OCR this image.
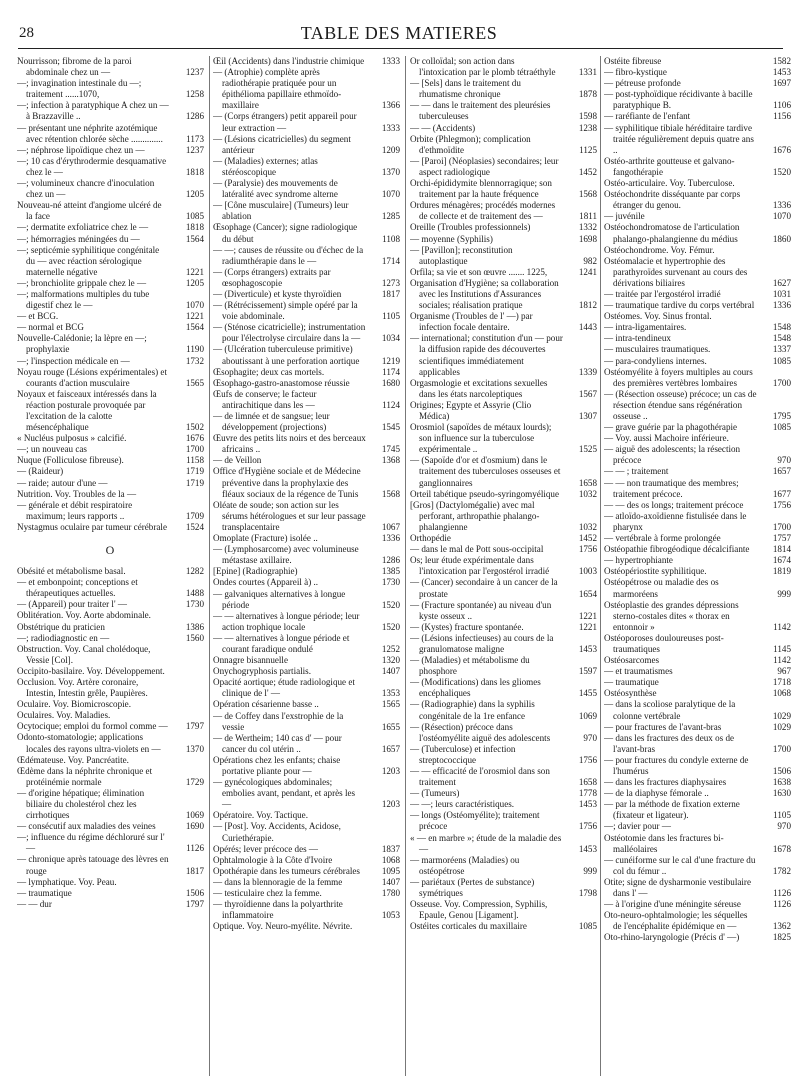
28	TABLE DES MATIERES

Nourrisson; fibrome de la paroi abdominale chez un —	1237

—; invagination intestinale du —; traitement ......1070,	1258

—; infection à paratyphique A chez un — à Brazzaville ..	1286

— présentant une néphrite azotémique avec rétention chlorée sèche ..............	1173

—; néphrose lipoïdique chez un —	1237

—; 10 cas d'érythrodermie desquamative chez le —	1818

—; volumineux chancre d'inoculation chez un —	1205

Nouveau-né atteint d'angiome ulcéré de la face	1085

—; dermatite exfoliatrice chez le —	1818

—; hémorragies méningées du —	1564

—; septicémie syphilitique congénitale du — avec réaction sérologique maternelle négative	1221

—; bronchiolite grippale chez le —	1205

—; malformations multiples du tube digestif chez le —	1070

— et BCG.	1221

— normal et BCG	1564

Nouvelle-Calédonie; la lèpre en —; prophylaxie	1190

—; l'inspection médicale en —	1732

Noyau rouge (Lésions expérimentales) et courants d'action musculaire	1565

Noyaux et faisceaux intéressés dans la réaction posturale provoquée par l'excitation de la calotte mésencéphalique	1502

« Nucléus pulposus » calcifié.	1676

—; un nouveau cas	1700

Nuque (Folliculose fibreuse).	1158

— (Raideur)	1719

— raide; autour d'une —	1719

Nutrition. Voy. Troubles de la —

— générale et débit respiratoire maximum; leurs rapports ..	1709

Nystagmus oculaire par tumeur cérébrale 1524

O

Obésité et métabolisme basal.	1282

— et embonpoint; conceptions et thérapeutiques actuelles.	1488

— (Appareil) pour traiter l' —	1730

Oblitération. Voy. Aorte abdominale.

Obstétrique du praticien	1386

—; radiodiagnostic en —	1560

Obstruction. Voy. Canal cholédoque, Vessie [Col].

Occipito-basilaire. Voy. Développement.

Occlusion. Voy. Artère coronaire, Intestin, Intestin grêle, Paupières.

Oculaire. Voy. Biomicroscopie.

Oculaires. Voy. Maladies.

Ocytocique; emploi du formol comme — 1797

Odonto-stomatologie; applications locales des rayons ultra-violets en —	1370

Œdémateuse. Voy. Pancréatite.

Œdème dans la néphrite chronique et protéinémie normale	1729

— d'origine hépatique; élimination biliaire du cholestérol chez les cirrhotiques	1069

— consécutif aux maladies des veines	1690

—; influence du régime déchloruré sur l' —	1126

— chronique après tatouage des lèvres en rouge	1817

— lymphatique. Voy. Peau.

— traumatique	1506

— — dur	1797

Œil (Accidents) dans l'industrie chimique 1333

— (Atrophie) complète après radiothérapie pratiquée pour un épithélioma papillaire ethmoïdo-maxillaire	1366

— (Corps étrangers) petit appareil pour leur extraction —	1333

— (Lésions cicatricielles) du segment antérieur	1209

— (Maladies) externes; atlas stéréoscopique	1370

— (Paralysie) des mouvements de latéralité avec syndrome alterne	1070

— [Cône musculaire] (Tumeurs) leur ablation	1285

Œsophage (Cancer); signe radiologique du début	1108

— —; causes de réussite ou d'échec de la radiumthérapie dans le —	1714

— (Corps étrangers) extraits par œsophagoscopie	1273

— (Diverticule) et kyste thyroïdien	1817

— (Rétrécissement) simple opéré par la voie abdominale.	1105

— (Sténose cicatricielle); instrumentation pour l'électrolyse circulaire dans la — 1034

— (Ulcération tuberculeuse primitive) aboutissant à une perforation aortique 1219

Œsophagite; deux cas mortels.	1174

Œsophago-gastro-anastomose réussie	1680

Œufs de conserve; le facteur antirachitique dans les —	1124

— de limnée et de sangsue; leur développement (projections)	1545

Œuvre des petits lits noirs et des berceaux africains ..	1745

— de Veillon	1368

Office d'Hygiène sociale et de Médecine préventive dans la prophylaxie des fléaux sociaux de la régence de Tunis	1568

Oléate de soude; son action sur les sérums hétérologues et sur leur passage transplacentaire	1067

Omoplate (Fracture) isolée ..	1336

— (Lymphosarcome) avec volumineuse métastase axillaire.	1286

[Epine] (Radiographie)	1385

Ondes courtes (Appareil à) ..	1730

— galvaniques alternatives à longue période	1520

— — alternatives à longue période; leur action trophique locale	1520

— — alternatives à longue période et courant faradique ondulé	1252

Onnagre bisannuelle	1320

Onychogryphosis partialis.	1407

Opacité aortique; étude radiologique et clinique de l' —	1353

Opération césarienne basse ..	1565

— de Coffey dans l'exstrophie de la vessie	1655

— de Wertheim; 140 cas d' — pour cancer du col utérin ..	1657

Opérations chez les enfants; chaise portative pliante pour —	1203

— gynécologiques abdominales; embolies avant, pendant, et après les —	1203

Opératoire. Voy. Tactique.

— [Post]. Voy. Accidents, Acidose, Curiethérapie.

Opérés; lever précoce des —	1837

Ophtalmologie à la Côte d'Ivoire	1068

Opothérapie dans les tumeurs cérébrales 1095

— dans la blennoragie de la femme	1407

— testiculaire chez la femme.	1780

— thyroïdienne dans la polyarthrite inflammatoire	1053

Optique. Voy. Neuro-myélite. Névrite.

Or colloïdal; son action dans l'intoxication par le plomb tétraéthyle	1331

— [Sels] dans le traitement du rhumatisme chronique	1878

— — dans le traitement des pleurésies tuberculeuses	1598

— — (Accidents)	1238

Orbite (Phlegmon); complication d'ethmoïdite	1125

— [Paroi] (Néoplasies) secondaires; leur aspect radiologique	1452

Orchi-épididymite blennorragique; son traitement par la haute fréquence	1568

Ordures ménagères; procédés modernes de collecte et de traitement des —	1811

Oreille (Troubles professionnels)	1332

— moyenne (Syphilis)	1698

— [Pavillon]; reconstitution autoplastique	982

Orfila; sa vie et son œuvre ....... 1225,	1241

Organisation d'Hygiène; sa collaboration avec les Institutions d'Assurances sociales; réalisation pratique	1812

Organisme (Troubles de l' —) par infection focale dentaire.	1443

— international; constitution d'un — pour la diffusion rapide des découvertes scientifiques immédiatement applicables	1339

Orgasmologie et excitations sexuelles dans les états narcoleptiques	1567

Origines; Egypte et Assyrie (Clio Médica)	1307

Orosmiol (sapoïdes de métaux lourds); son influence sur la tuberculose expérimentale ..	1525

— (Sapoïde d'or et d'osmium) dans le traitement des tuberculoses osseuses et ganglionnaires	1658

Orteil tabétique pseudo-syringomyélique 1032

[Gros] (Dactylomégalie) avec mal perforant, arthropathie phalango-phalangienne	1032

Orthopédie	1452

— dans le mal de Pott sous-occipital	1756

Os; leur étude expérimentale dans l'intoxication par l'ergostérol irradié	1003

— (Cancer) secondaire à un cancer de la prostate	1654

— (Fracture spontanée) au niveau d'un kyste osseux ..	1221

— (Kystes) fracture spontanée.	1221

— (Lésions infectieuses) au cours de la granulomatose maligne	1453

— (Maladies) et métabolisme du phosphore	1597

— (Modifications) dans les gliomes encéphaliques	1455

— (Radiographie) dans la syphilis congénitale de la 1re enfance	1069

— (Résection) précoce dans l'ostéomyélite aiguë des adolescents	970

— (Tuberculose) et infection streptococcique	1756

— — efficacité de l'orosmiol dans son traitement	1658

— (Tumeurs)	1778

— —; leurs caractéristiques.	1453

— longs (Ostéomyélite); traitement précoce	1756

« — en marbre »; étude de la maladie des —	1453

— marmoréens (Maladies) ou ostéopétrose	999

— pariétaux (Pertes de substance) symétriques	1798

Osseuse. Voy. Compression, Syphilis, Epaule, Genou [Ligament].

Ostéites corticales du maxillaire	1085

Ostéite fibreuse	1582

— fibro-kystique	1453

— pétreuse profonde	1697

— post-typhoïdique récidivante à bacille paratyphique B.	1106

— raréfiante de l'enfant	1156

— syphilitique tibiale héréditaire tardive traitée régulièrement depuis quatre ans ..	1676

Ostéo-arthrite goutteuse et galvano-fangothérapie	1520

Ostéo-articulaire. Voy. Tuberculose.

Ostéochondrite disséquante par corps étranger du genou.	1336

— juvénile	1070

Ostéochondromatose de l'articulation phalango-phalangienne du médius	1860

Ostéochondrome. Voy. Fémur.

Ostéomalacie et hypertrophie des parathyroïdes survenant au cours des dérivations biliaires	1627

— traitée par l'ergostérol irradié	1031

— traumatique tardive du corps vertébral 1336

Ostéomes. Voy. Sinus frontal.

— intra-ligamentaires.	1548

— intra-tendineux	1548

— musculaires traumatiques.	1337

— para-condyliens internes.	1085

Ostéomyélite à foyers multiples au cours des premières vertèbres lombaires	1700

— (Résection osseuse) précoce; un cas de résection étendue sans régénération osseuse ..	1795

— grave guérie par la phagothérapie	1085

— Voy. aussi Machoire inférieure.

— aiguë des adolescents; la résection précoce	970

— — ; traitement	1657

— — non traumatique des membres; traitement précoce.	1677

— — des os longs; traitement précoce	1756

— atloïdo-axoïdienne fistulisée dans le pharynx	1700

— vertébrale à forme prolongée	1757

Ostéopathie fibrogéodique décalcifiante	1814

— hypertrophiante	1674

Ostéopériostite syphilitique.	1819

Ostéopétrose ou maladie des os marmoréens	999

Ostéoplastie des grandes dépressions sterno-costales dites « thorax en entonnoir »	1142

Ostéoporoses douloureuses post-traumatiques	1145

Ostéosarcomes	1142

— et traumatismes	967

— traumatique	1718

Ostéosynthèse	1068

— dans la scoliose paralytique de la colonne vertébrale	1029

— pour fractures de l'avant-bras	1029

— dans les fractures des deux os de l'avant-bras	1700

— pour fractures du condyle externe de l'humérus	1506

— dans les fractures diaphysaires	1638

— de la diaphyse fémorale ..	1630

— par la méthode de fixation externe (fixateur et ligateur).	1105

—; davier pour —	970

Ostéotomie dans les fractures bi-malléolaires	1678

— cunéiforme sur le cal d'une fracture du col du fémur ..	1782

Otite; signe de dysharmonie vestibulaire dans l' —	1126

— à l'origine d'une méningite séreuse	1126

Oto-neuro-ophtalmologie; les séquelles de l'encéphalite épidémique en —	1362

Oto-rhino-laryngologie (Précis d' —)	1825
